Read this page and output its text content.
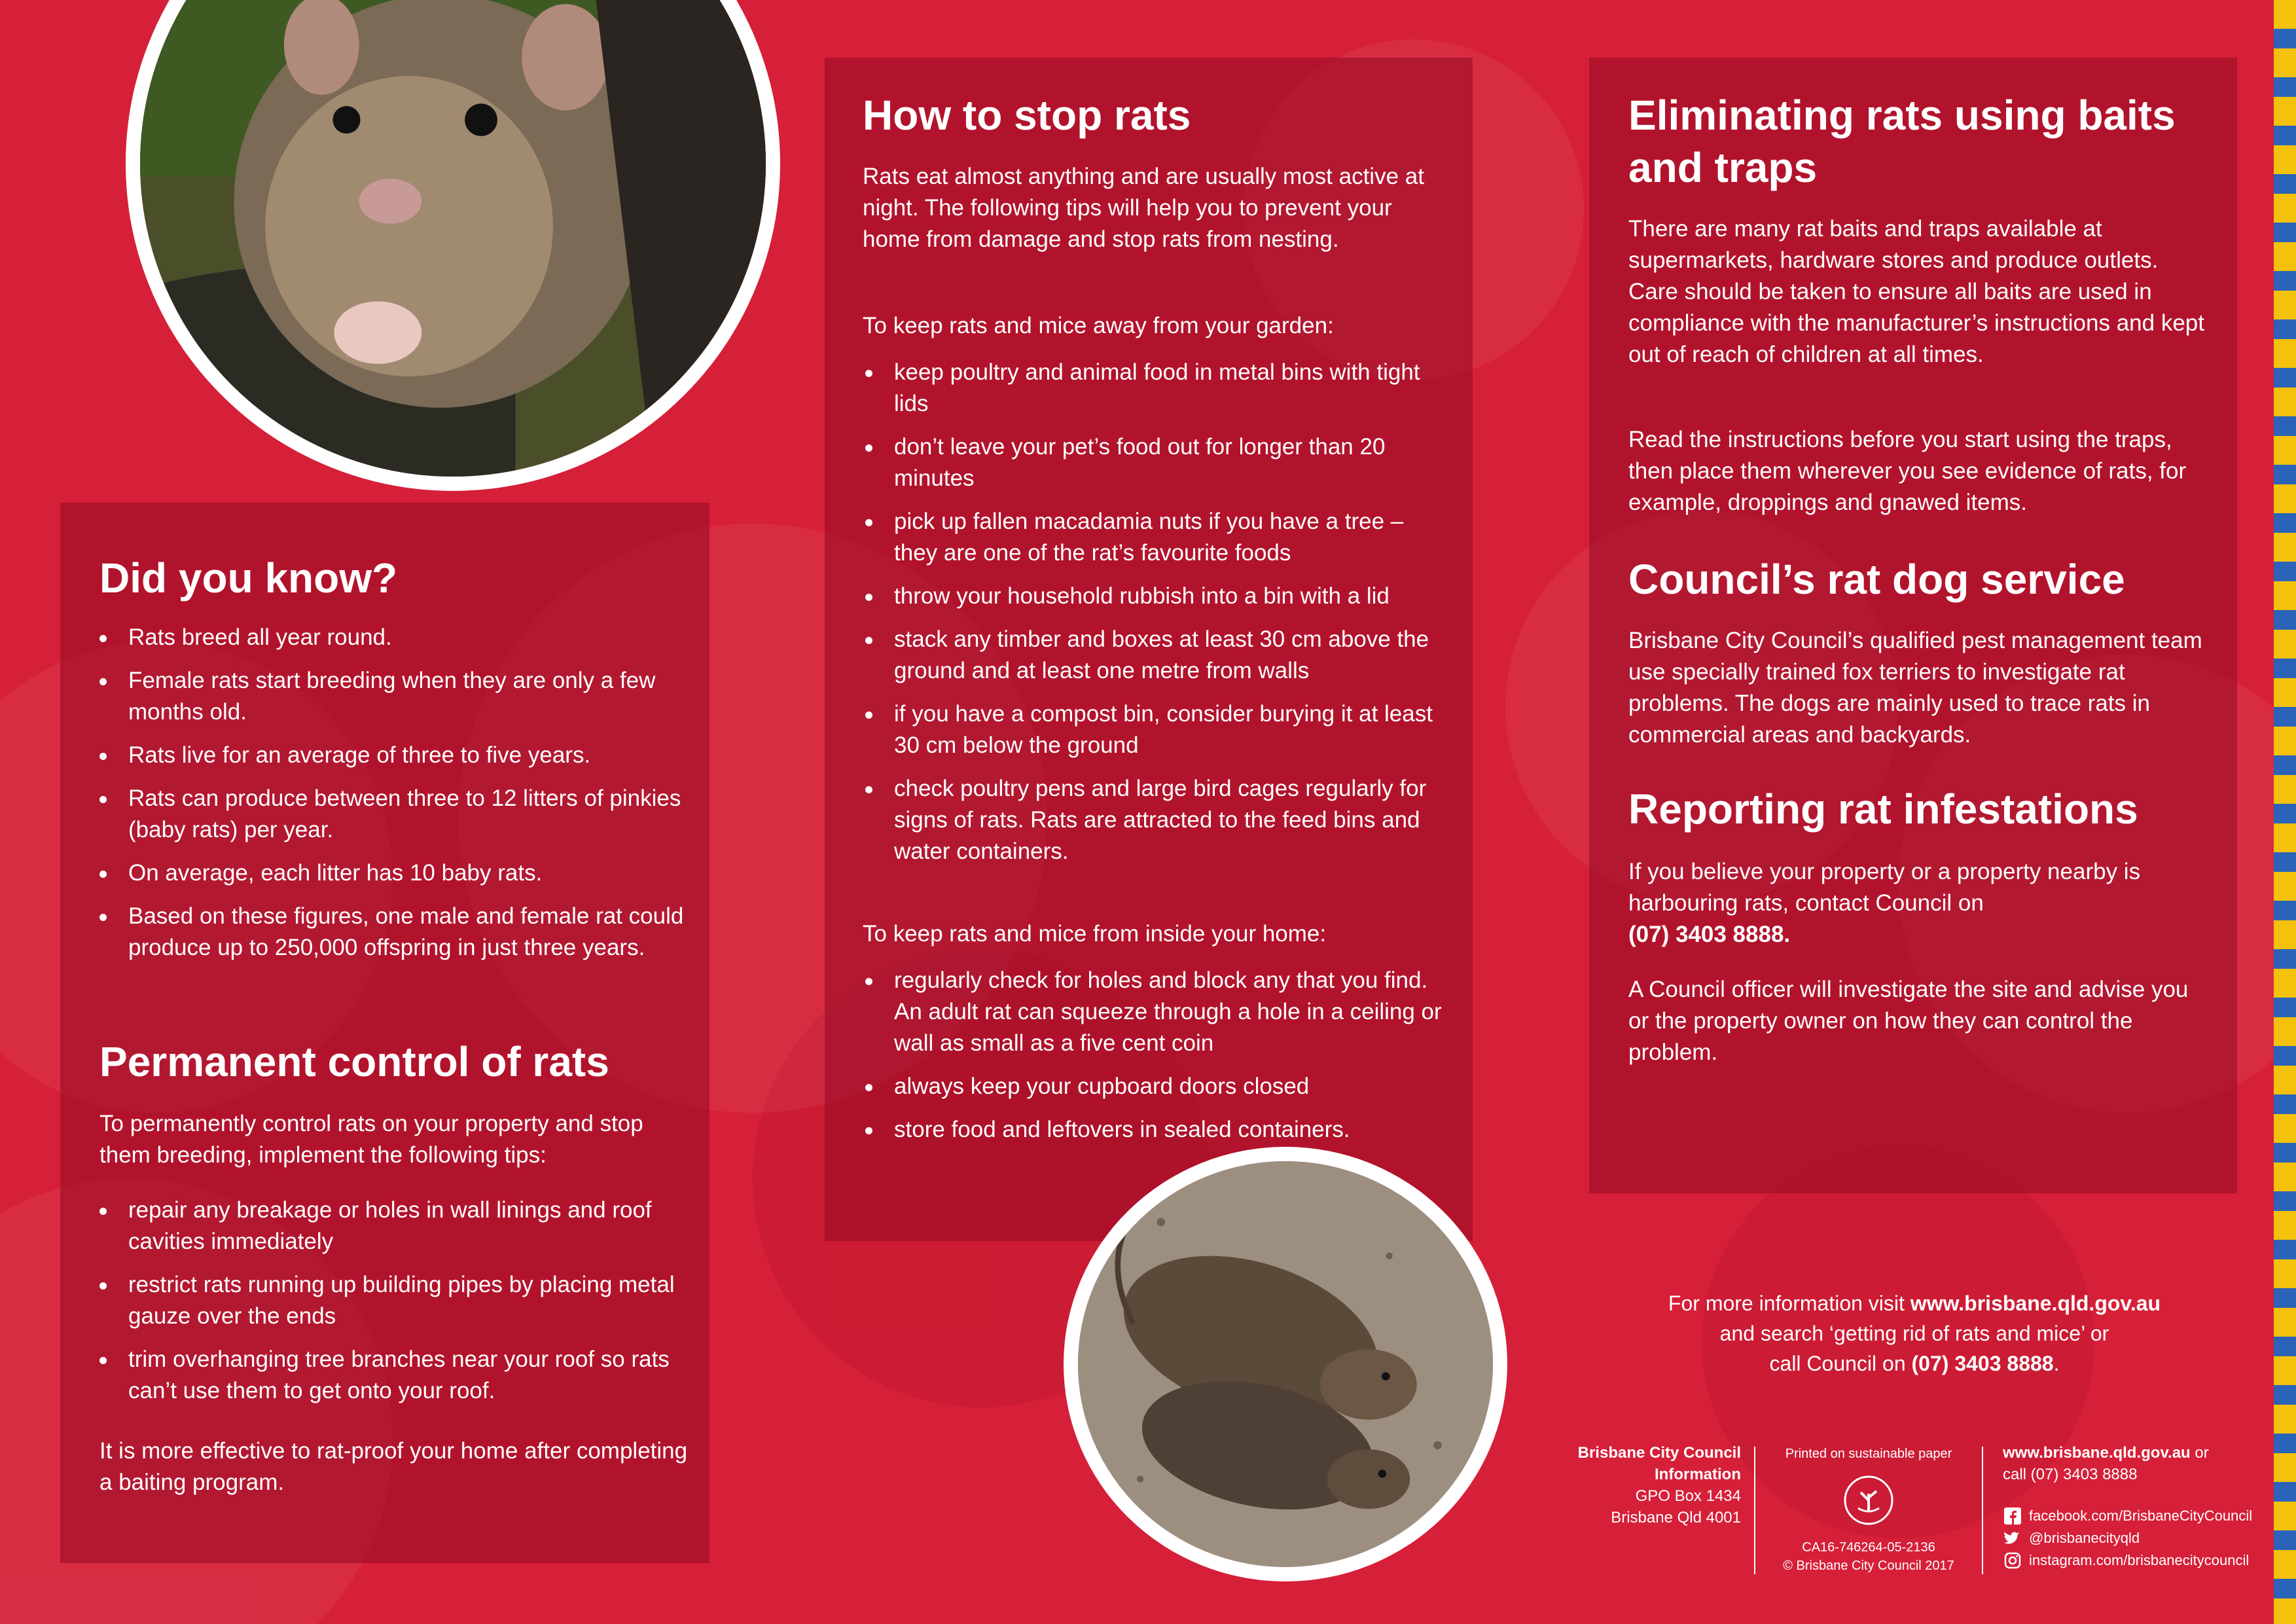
Did you know?
Rats breed all year round.
Female rats start breeding when they are only a few months old.
Rats live for an average of three to five years.
Rats can produce between three to 12 litters of pinkies (baby rats) per year.
On average, each litter has 10 baby rats.
Based on these figures, one male and female rat could produce up to 250,000 offspring in just three years.
Permanent control of rats

To permanently control rats on your property and stop them breeding, implement the following tips:

repair any breakage or holes in wall linings and roof cavities immediately
restrict rats running up building pipes by placing metal gauze over the ends
trim overhanging tree branches near your roof so rats can’t use them to get onto your roof.

It is more effective to rat-proof your home after completing a baiting program.

How to stop rats

Rats eat almost anything and are usually most active at night. The following tips will help you to prevent your home from damage and stop rats from nesting.

To keep rats and mice away from your garden:

keep poultry and animal food in metal bins with tight lids
don’t leave your pet’s food out for longer than 20 minutes
pick up fallen macadamia nuts if you have a tree – they are one of the rat’s favourite foods
throw your household rubbish into a bin with a lid
stack any timber and boxes at least 30 cm above the ground and at least one metre from walls
if you have a compost bin, consider burying it at least 30 cm below the ground
check poultry pens and large bird cages regularly for signs of rats. Rats are attracted to the feed bins and water containers.

To keep rats and mice from inside your home:

regularly check for holes and block any that you find. An adult rat can squeeze through a hole in a ceiling or wall as small as a five cent coin
always keep your cupboard doors closed
store food and leftovers in sealed containers.
Eliminating rats using baits and traps

There are many rat baits and traps available at supermarkets, hardware stores and produce outlets. Care should be taken to ensure all baits are used in compliance with the manufacturer’s instructions and kept out of reach of children at all times.

Read the instructions before you start using the traps, then place them wherever you see evidence of rats, for example, droppings and gnawed items.

Council’s rat dog service

Brisbane City Council’s qualified pest management team use specially trained fox terriers to investigate rat problems. The dogs are mainly used to trace rats in commercial areas and backyards.

Reporting rat infestations

If you believe your property or a property nearby is harbouring rats, contact Council on
(07) 3403 8888.

A Council officer will investigate the site and advise you or the property owner on how they can control the problem.

For more information visit www.brisbane.qld.gov.au
and search ‘getting rid of rats and mice’ or
call Council on (07) 3403 8888.
Brisbane City Council
Information
GPO Box 1434
Brisbane Qld 4001
Printed on sustainable paper
CA16-746264-05-2136
© Brisbane City Council 2017
www.brisbane.qld.gov.au or
call (07) 3403 8888
facebook.com/BrisbaneCityCouncil
@brisbanecityqld
instagram.com/brisbanecitycouncil
